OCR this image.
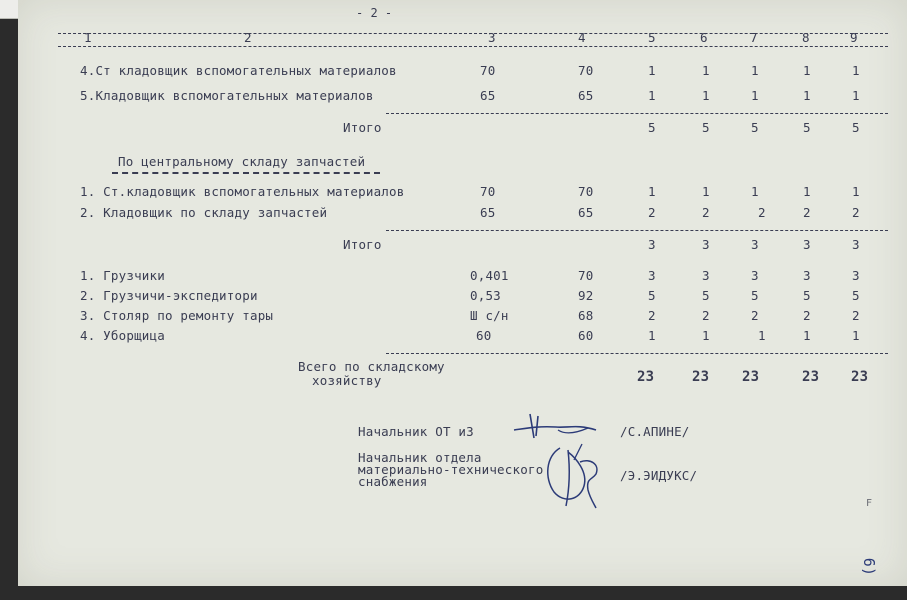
- 2 -
1	2	3	4	5	6	7	8	9
4.Ст кладовщик вспомогательных материалов	70	70	1	1	1	1	1
5.Кладовщик вспомогательных материалов	65	65	1	1	1	1	1
Итого	5	5	5	5	5
По центральному складу запчастей
1. Ст.кладовщик вспомогательных материалов	70	70	1	1	1	1	1
2. Кладовщик по складу запчастей	65	65	2	2	2	2	2
Итого	3	3	3	3	3
1. Грузчики	0,401	70	3	3	3	3	3
2. Грузчичи-экспедитори	0,53	92	5	5	5	5	5
3. Столяр по ремонту тары	Ш с/н	68	2	2	2	2	2
4. Уборщица	60	60	1	1	1	1	1
Всего по складскому
хозяйству	23	23 23	23 23
Начальник ОТ иЗ	/С.АПИНЕ/
Начальник отдела
материально-технического
снабжения	/Э.ЭИДУКС/
F
6)
